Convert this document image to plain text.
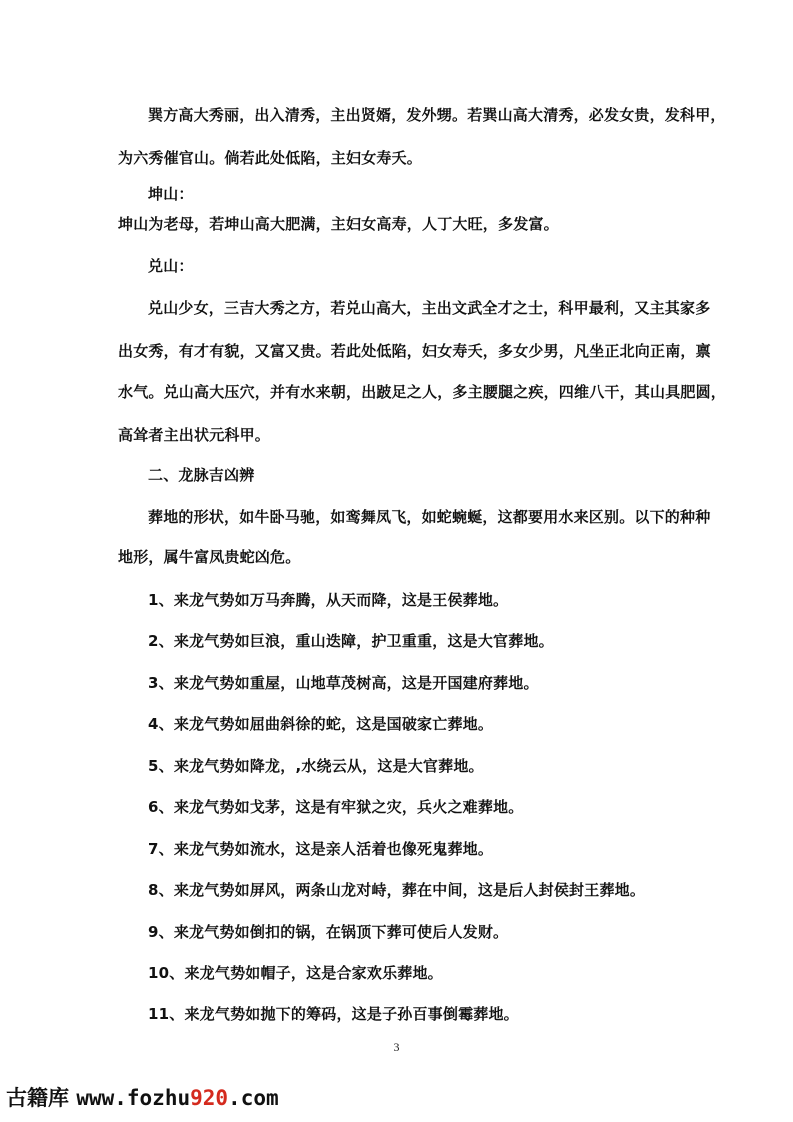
巽方高大秀丽，出入清秀，主出贤婿，发外甥。若巽山高大清秀，必发女贵，发科甲，
为六秀催官山。倘若此处低陷，主妇女寿夭。
坤山：
坤山为老母，若坤山高大肥满，主妇女高寿，人丁大旺，多发富。
兑山：
兑山少女，三吉大秀之方，若兑山高大，主出文武全才之士，科甲最利，又主其家多
出女秀，有才有貌，又富又贵。若此处低陷，妇女寿夭，多女少男，凡坐正北向正南，禀
水气。兑山高大压穴，并有水来朝，出跛足之人，多主腰腿之疾，四维八干，其山具肥圆，
高耸者主出状元科甲。
二、龙脉吉凶辨
葬地的形状，如牛卧马驰，如鸾舞凤飞，如蛇蜿蜒，这都要用水来区别。以下的种种
地形，属牛富凤贵蛇凶危。
1、来龙气势如万马奔腾，从天而降，这是王侯葬地。
2、来龙气势如巨浪，重山迭障，护卫重重，这是大官葬地。
3、来龙气势如重屋，山地草茂树高，这是开国建府葬地。
4、来龙气势如屈曲斜徐的蛇，这是国破家亡葬地。
5、来龙气势如降龙，,水绕云从，这是大官葬地。
6、来龙气势如戈茅，这是有牢狱之灾，兵火之难葬地。
7、来龙气势如流水，这是亲人活着也像死鬼葬地。
8、来龙气势如屏风，两条山龙对峙，葬在中间，这是后人封侯封王葬地。
9、来龙气势如倒扣的锅，在锅顶下葬可使后人发财。
10、来龙气势如帽子，这是合家欢乐葬地。
11、来龙气势如抛下的筹码，这是子孙百事倒霉葬地。
3
古籍库 www.fozhu920.com
